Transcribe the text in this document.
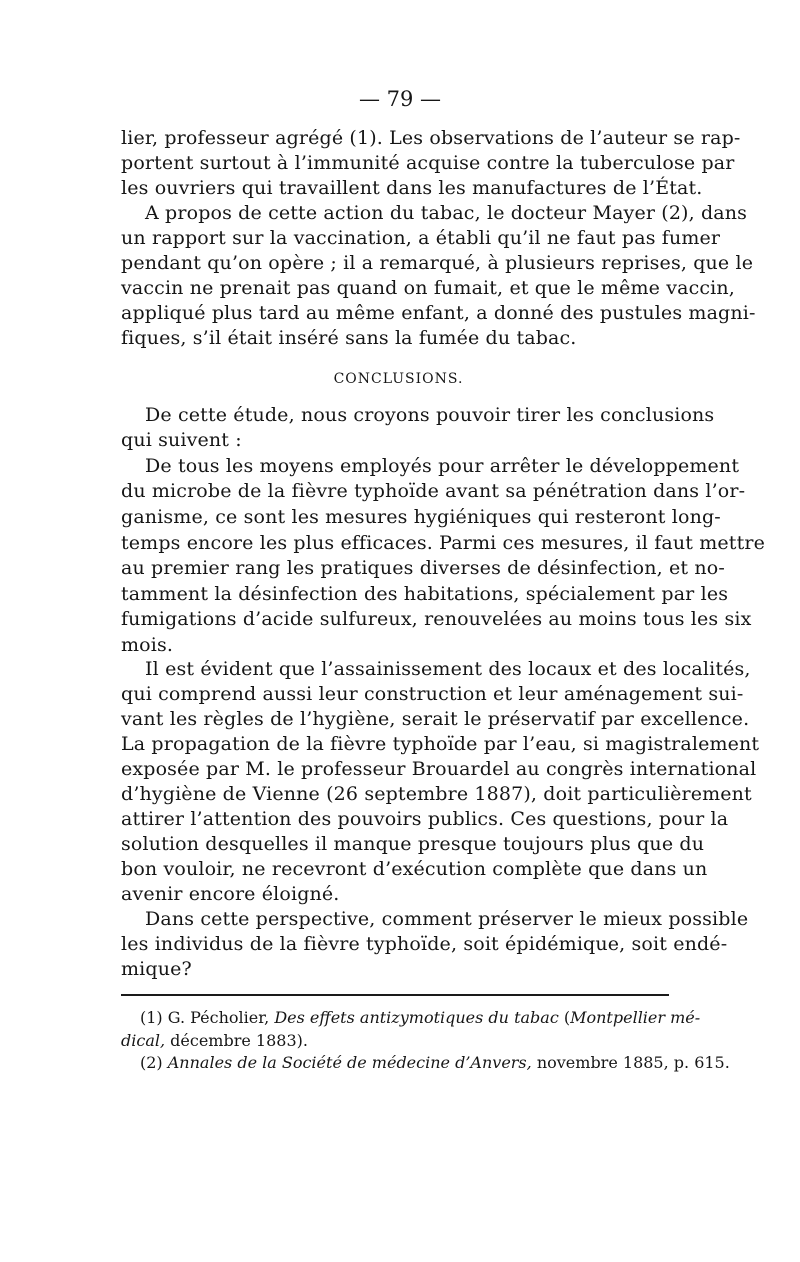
— 79 —
lier, professeur agrégé (1). Les observations de l’auteur se rap-
portent surtout à l’immunité acquise contre la tuberculose par
les ouvriers qui travaillent dans les manufactures de l’État.
A propos de cette action du tabac, le docteur Mayer (2), dans
un rapport sur la vaccination, a établi qu’il ne faut pas fumer
pendant qu’on opère ; il a remarqué, à plusieurs reprises, que le
vaccin ne prenait pas quand on fumait, et que le même vaccin,
appliqué plus tard au même enfant, a donné des pustules magni-
fiques, s’il était inséré sans la fumée du tabac.
CONCLUSIONS.
De cette étude, nous croyons pouvoir tirer les conclusions
qui suivent :
De tous les moyens employés pour arrêter le développement
du microbe de la fièvre typhoïde avant sa pénétration dans l’or-
ganisme, ce sont les mesures hygiéniques qui resteront long-
temps encore les plus efficaces. Parmi ces mesures, il faut mettre
au premier rang les pratiques diverses de désinfection, et no-
tamment la désinfection des habitations, spécialement par les
fumigations d’acide sulfureux, renouvelées au moins tous les six
mois.
Il est évident que l’assainissement des locaux et des localités,
qui comprend aussi leur construction et leur aménagement sui-
vant les règles de l’hygiène, serait le préservatif par excellence.
La propagation de la fièvre typhoïde par l’eau, si magistralement
exposée par M. le professeur Brouardel au congrès international
d’hygiène de Vienne (26 septembre 1887), doit particulièrement
attirer l’attention des pouvoirs publics. Ces questions, pour la
solution desquelles il manque presque toujours plus que du
bon vouloir, ne recevront d’exécution complète que dans un
avenir encore éloigné.
Dans cette perspective, comment préserver le mieux possible
les individus de la fièvre typhoïde, soit épidémique, soit endé-
mique?
(1) G. Pécholier, Des effets antizymotiques du tabac (Montpellier mé-
dical, décembre 1883).
(2) Annales de la Société de médecine d’Anvers, novembre 1885, p. 615.
